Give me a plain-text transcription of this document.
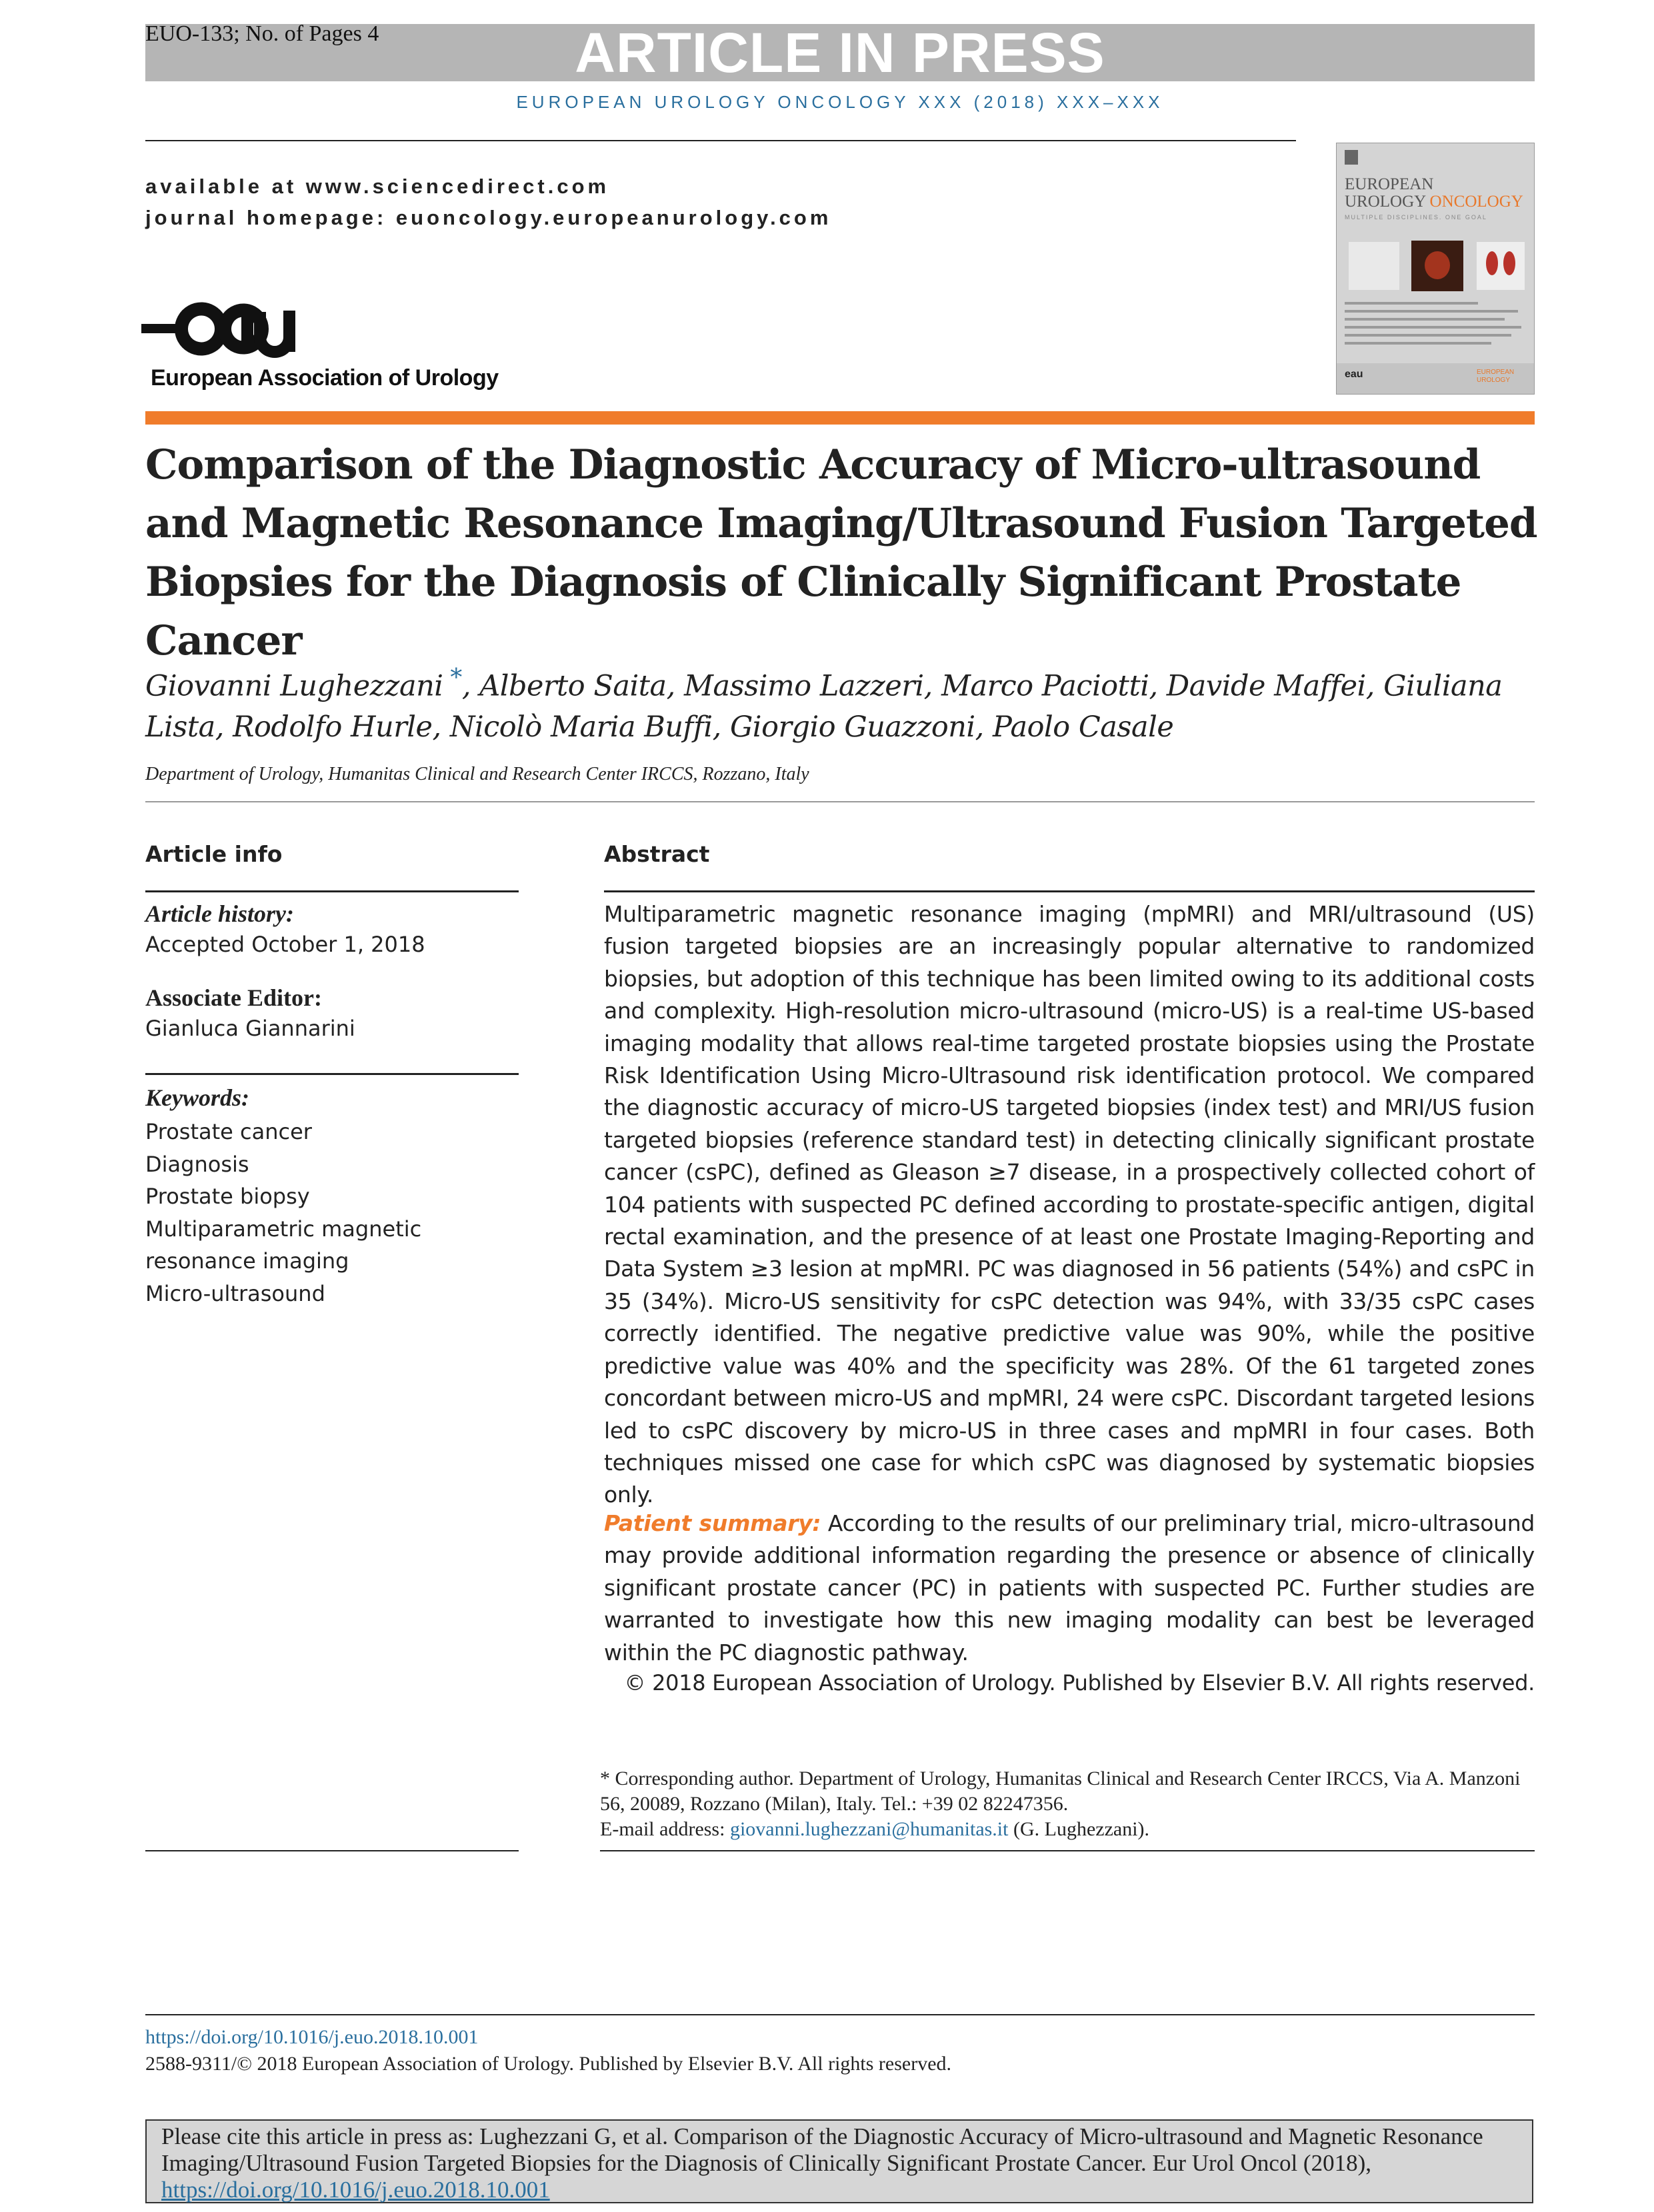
ARTICLE IN PRESS
EUO-133; No. of Pages 4
EUROPEAN UROLOGY ONCOLOGY XXX (2018) XXX–XXX
available at www.sciencedirect.com
journal homepage: euoncology.europeanurology.com
European Association of Urology
EUROPEAN
UROLOGY ONCOLOGY
MULTIPLE DISCIPLINES. ONE GOAL
eau	EUROPEAN UROLOGY
Comparison of the Diagnostic Accuracy of Micro-ultrasound and Magnetic Resonance Imaging/Ultrasound Fusion Targeted Biopsies for the Diagnosis of Clinically Significant Prostate Cancer
Giovanni Lughezzani *, Alberto Saita, Massimo Lazzeri, Marco Paciotti, Davide Maffei, Giuliana Lista, Rodolfo Hurle, Nicolò Maria Buffi, Giorgio Guazzoni, Paolo Casale
Department of Urology, Humanitas Clinical and Research Center IRCCS, Rozzano, Italy
Article info
Article history:
Accepted October 1, 2018
Associate Editor:
Gianluca Giannarini
Keywords:
Prostate cancer
Diagnosis
Prostate biopsy
Multiparametric magnetic
resonance imaging
Micro-ultrasound
Abstract
Multiparametric magnetic resonance imaging (mpMRI) and MRI/ultrasound (US) fusion targeted biopsies are an increasingly popular alternative to randomized biopsies, but adoption of this technique has been limited owing to its additional costs and complexity. High-resolution micro-ultrasound (micro-US) is a real-time US-based imaging modality that allows real-time targeted prostate biopsies using the Prostate Risk Identification Using Micro-Ultrasound risk identification protocol. We compared the diagnostic accuracy of micro-US targeted biopsies (index test) and MRI/US fusion targeted biopsies (reference standard test) in detecting clinically significant prostate cancer (csPC), defined as Gleason ≥7 disease, in a prospectively collected cohort of 104 patients with suspected PC defined according to prostate-specific antigen, digital rectal examination, and the presence of at least one Prostate Imaging-Reporting and Data System ≥3 lesion at mpMRI. PC was diagnosed in 56 patients (54%) and csPC in 35 (34%). Micro-US sensitivity for csPC detection was 94%, with 33/35 csPC cases correctly identified. The negative predictive value was 90%, while the positive predictive value was 40% and the specificity was 28%. Of the 61 targeted zones concordant between micro-US and mpMRI, 24 were csPC. Discordant targeted lesions led to csPC discovery by micro-US in three cases and mpMRI in four cases. Both techniques missed one case for which csPC was diagnosed by systematic biopsies only.
Patient summary: According to the results of our preliminary trial, micro-ultrasound may provide additional information regarding the presence or absence of clinically significant prostate cancer (PC) in patients with suspected PC. Further studies are warranted to investigate how this new imaging modality can best be leveraged within the PC diagnostic pathway.
© 2018 European Association of Urology. Published by Elsevier B.V. All rights reserved.
* Corresponding author. Department of Urology, Humanitas Clinical and Research Center IRCCS, Via A. Manzoni 56, 20089, Rozzano (Milan), Italy. Tel.: +39 02 82247356.
E-mail address: giovanni.lughezzani@humanitas.it (G. Lughezzani).
https://doi.org/10.1016/j.euo.2018.10.001
2588-9311/© 2018 European Association of Urology. Published by Elsevier B.V. All rights reserved.
Please cite this article in press as: Lughezzani G, et al. Comparison of the Diagnostic Accuracy of Micro-ultrasound and Magnetic Resonance Imaging/Ultrasound Fusion Targeted Biopsies for the Diagnosis of Clinically Significant Prostate Cancer. Eur Urol Oncol (2018), https://doi.org/10.1016/j.euo.2018.10.001
